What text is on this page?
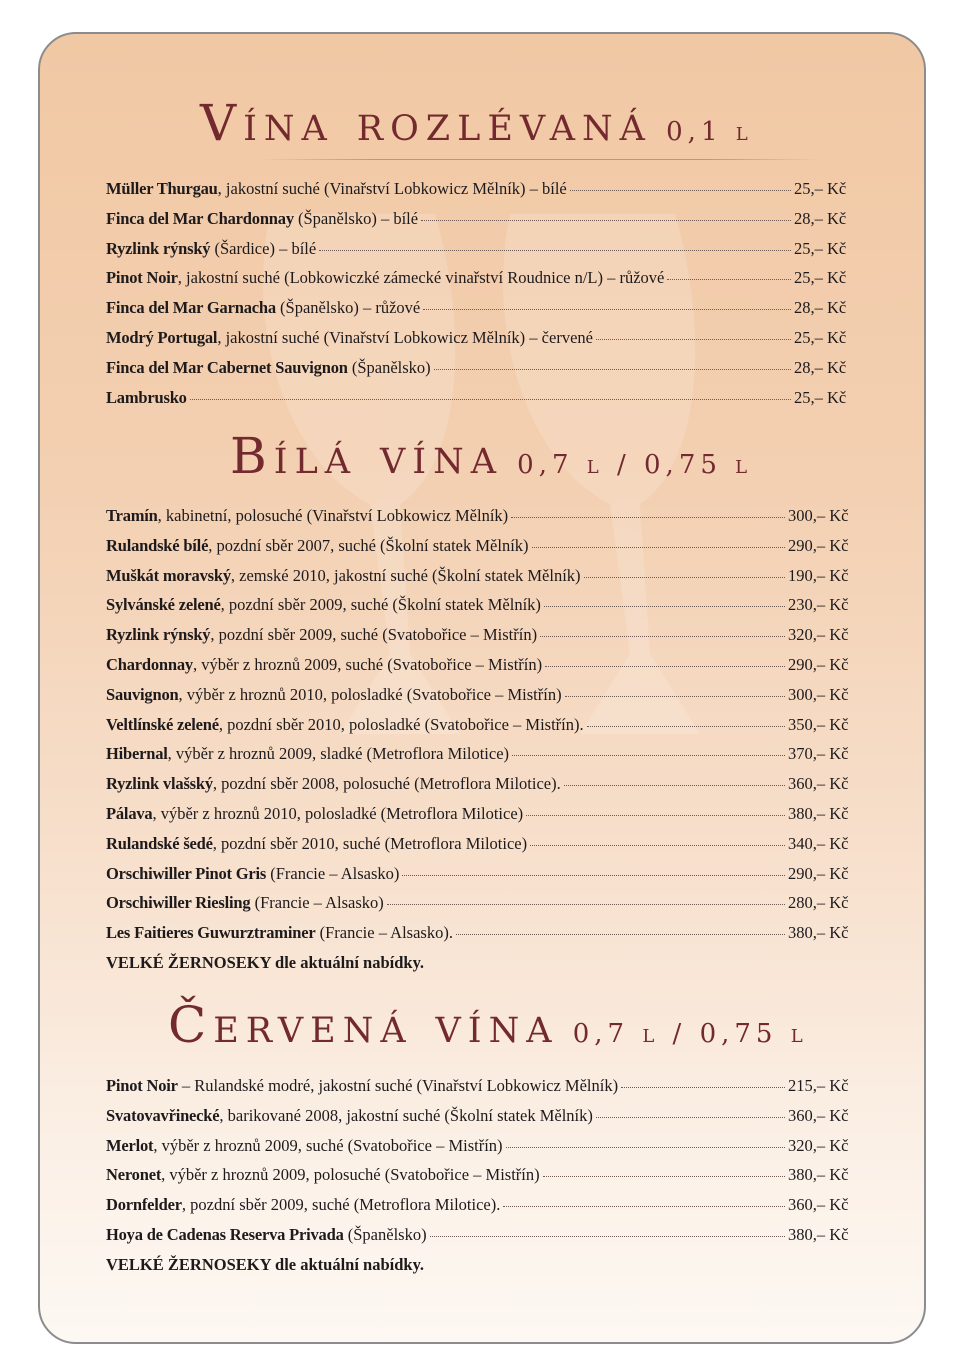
Vína rozlévaná 0,1 l
Müller Thurgau , jakostní suché (Vinařství Lobkowicz Mělník) – bílé	25,– Kč
Finca del Mar Chardonnay (Španělsko) – bílé	28,– Kč
Ryzlink rýnský (Šardice) – bílé	25,– Kč
Pinot Noir , jakostní suché (Lobkowiczké zámecké vinařství Roudnice n/L) – růžové	25,– Kč
Finca del Mar Garnacha (Španělsko) – růžové	28,– Kč
Modrý Portugal , jakostní suché (Vinařství Lobkowicz Mělník) – červené	25,– Kč
Finca del Mar Cabernet Sauvignon (Španělsko)	28,– Kč
Lambrusko	25,– Kč
Bílá vína 0,7 l / 0,75 l
Tramín , kabinetní, polosuché (Vinařství Lobkowicz Mělník)	300,– Kč
Rulandské bílé , pozdní sběr 2007, suché (Školní statek Mělník)	290,– Kč
Muškát moravský , zemské 2010, jakostní suché (Školní statek Mělník)	190,– Kč
Sylvánské zelené , pozdní sběr 2009, suché (Školní statek Mělník)	230,– Kč
Ryzlink rýnský , pozdní sběr 2009, suché (Svatobořice – Mistřín)	320,– Kč
Chardonnay , výběr z hroznů 2009, suché (Svatobořice – Mistřín)	290,– Kč
Sauvignon , výběr z hroznů 2010, polosladké (Svatobořice – Mistřín)	300,– Kč
Veltlínské zelené , pozdní sběr 2010, polosladké (Svatobořice – Mistřín).	350,– Kč
Hibernal , výběr z hroznů 2009, sladké (Metroflora Milotice)	370,– Kč
Ryzlink vlašský , pozdní sběr 2008, polosuché (Metroflora Milotice).	360,– Kč
Pálava , výběr z hroznů 2010, polosladké (Metroflora Milotice)	380,– Kč
Rulandské šedé , pozdní sběr 2010, suché (Metroflora Milotice)	340,– Kč
Orschiwiller Pinot Gris (Francie – Alsasko)	290,– Kč
Orschiwiller Riesling (Francie – Alsasko)	280,– Kč
Les Faitieres Guwurztraminer (Francie – Alsasko).	380,– Kč
VELKÉ ŽERNOSEKY dle aktuální nabídky.
Červená vína 0,7 l / 0,75 l
Pinot Noir – Rulandské modré, jakostní suché (Vinařství Lobkowicz Mělník)	215,– Kč
Svatovavřinecké , barikované 2008, jakostní suché (Školní statek Mělník)	360,– Kč
Merlot , výběr z hroznů 2009, suché (Svatobořice – Mistřín)	320,– Kč
Neronet , výběr z hroznů 2009, polosuché (Svatobořice – Mistřín)	380,– Kč
Dornfelder , pozdní sběr 2009, suché (Metroflora Milotice).	360,– Kč
Hoya de Cadenas Reserva Privada (Španělsko)	380,– Kč
VELKÉ ŽERNOSEKY dle aktuální nabídky.
